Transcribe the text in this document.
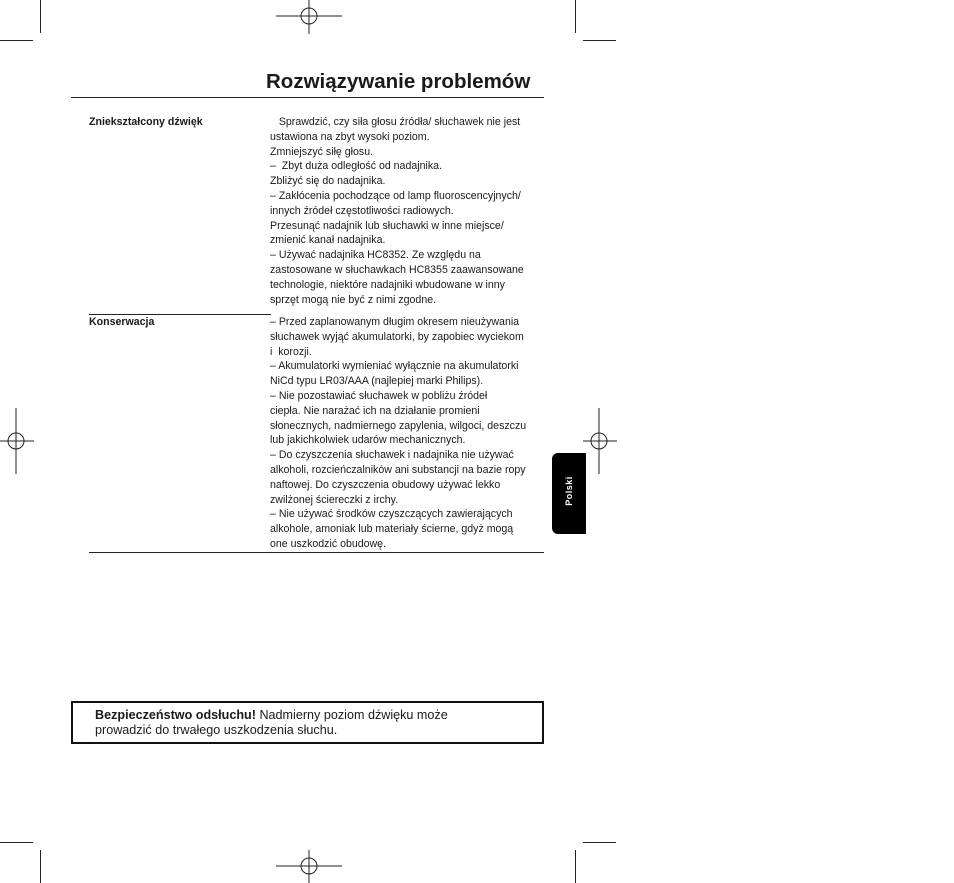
Rozwiązywanie problemów
Zniekształcony dźwięk	Sprawdzić, czy siła głosu źródła/ słuchawek nie jest
ustawiona na zbyt wysoki poziom.
Zmniejszyć siłę głosu.
–  Zbyt duża odległość od nadajnika.
Zbliżyć się do nadajnika.
– Zakłócenia pochodzące od lamp fluoroscencyjnych/
innych źródeł częstotliwości radiowych.
Przesunąć nadajnik lub słuchawki w inne miejsce/
zmienić kanał nadajnika.
– Używać nadajnika HC8352. Ze względu na
zastosowane w słuchawkach HC8355 zaawansowane
technologie, niektóre nadajniki wbudowane w inny
sprzęt mogą nie być z nimi zgodne.
Konserwacja	– Przed zaplanowanym długim okresem nieużywania
słuchawek wyjąć akumulatorki, by zapobiec wyciekom
i  korozji.
– Akumulatorki wymieniać wyłącznie na akumulatorki
NiCd typu LR03/AAA (najlepiej marki Philips).
– Nie pozostawiać słuchawek w pobliżu źródeł
ciepła. Nie narażać ich na działanie promieni
słonecznych, nadmiernego zapylenia, wilgoci, deszczu
lub jakichkolwiek udarów mechanicznych.
– Do czyszczenia słuchawek i nadajnika nie używać
alkoholi, rozcieńczalników ani substancji na bazie ropy
naftowej. Do czyszczenia obudowy używać lekko
zwilżonej ściereczki z irchy.
– Nie używać środków czyszczących zawierających
alkohole, amoniak lub materiały ścierne, gdyż mogą
one uszkodzić obudowę.
Polski
Bezpieczeństwo odsłuchu! Nadmierny poziom dźwięku może
prowadzić do trwałego uszkodzenia słuchu.
